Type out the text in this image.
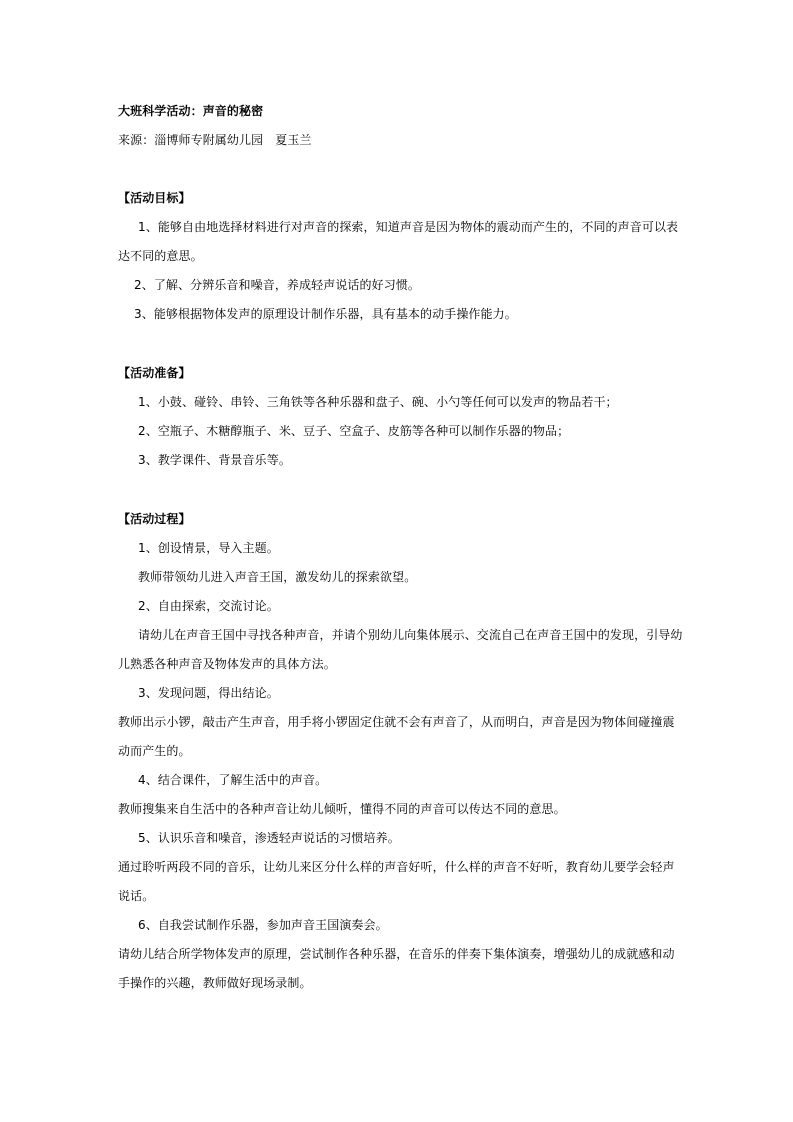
大班科学活动：声音的秘密
来源：淄博师专附属幼儿园　夏玉兰
【活动目标】
1、能够自由地选择材料进行对声音的探索，知道声音是因为物体的震动而产生的，不同的声音可以表
达不同的意思。
2、了解、分辨乐音和噪音，养成轻声说话的好习惯。
3、能够根据物体发声的原理设计制作乐器，具有基本的动手操作能力。
【活动准备】
1、小鼓、碰铃、串铃、三角铁等各种乐器和盘子、碗、小勺等任何可以发声的物品若干；
2、空瓶子、木糖醇瓶子、米、豆子、空盒子、皮筋等各种可以制作乐器的物品；
3、教学课件、背景音乐等。
【活动过程】
1、创设情景，导入主题。
教师带领幼儿进入声音王国，激发幼儿的探索欲望。
2、自由探索，交流讨论。
请幼儿在声音王国中寻找各种声音，并请个别幼儿向集体展示、交流自己在声音王国中的发现，引导幼
儿熟悉各种声音及物体发声的具体方法。
3、发现问题，得出结论。
教师出示小锣，敲击产生声音，用手将小锣固定住就不会有声音了，从而明白，声音是因为物体间碰撞震
动而产生的。
4、结合课件，了解生活中的声音。
教师搜集来自生活中的各种声音让幼儿倾听，懂得不同的声音可以传达不同的意思。
5、认识乐音和噪音，渗透轻声说话的习惯培养。
通过聆听两段不同的音乐，让幼儿来区分什么样的声音好听，什么样的声音不好听，教育幼儿要学会轻声
说话。
6、自我尝试制作乐器，参加声音王国演奏会。
请幼儿结合所学物体发声的原理，尝试制作各种乐器，在音乐的伴奏下集体演奏，增强幼儿的成就感和动
手操作的兴趣，教师做好现场录制。
